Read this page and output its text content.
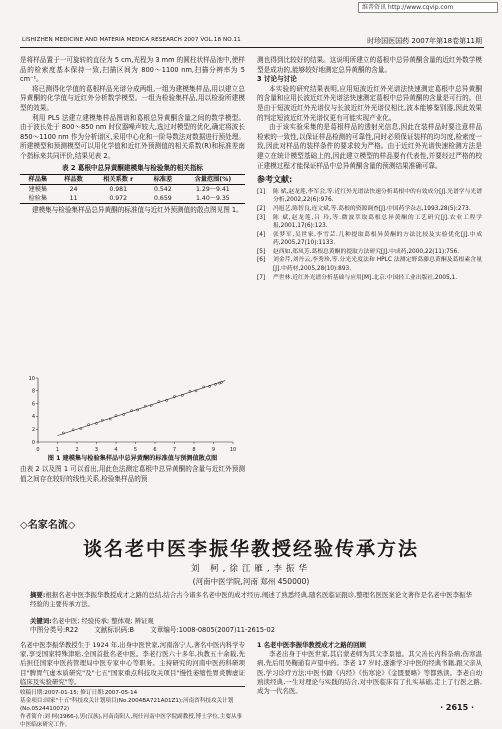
维普资讯 http://www.cqvip.com
LISHIZHEN MEDICINE AND MATERIA MEDICA RESEARCH 2007 VOL.18 NO.11	时珍国医国药 2007年第18卷第11期

是将样品置于一可旋转的直径为 5 cm,光程为 3 mm 的圆柱状样品池中,使样品的检索度基本保持一致,扫描区间为 800～1100 nm,扫描分辨率为 5 cm⁻¹。

将已测得化学值的葛根样品光谱分成两组,一组为建模集样品,用以建立总异黄酮的化学值与近红外分析数学模型。一组为检验集样品,用以检验所建模型的效果。

利用 PLS 法建立建模集样品图谱和葛根总异黄酮含量之间的数学模型。由于波长处于 800～850 nm 时仪器噪声较大,选过对模型的优化,确定将波长 850～1100 nm 作为分析谱区,采用中心化和一阶导数法对数据进行预处理。所建模型和预测模型可以用化学值和近红外预测值的相关系数(R)和标准差南个指标来共同评价,结果见表 2。

表 2 葛根中总异黄酮建模集与检验集的相关指标
样品集	样品数	相关系数 r	标准差	含量范围(%)
建模集	24	0.981	0.542	1.29～9.41
检验集	11	0.972	0.659	1.40～9.35

建模集与检验集样品总异黄酮的标准值与近红外预测值的散点图见图 1。

0	1	2	3	4	5	6	7	8	9	10
0
2
4
6
8
10
图 1 建模集与检验集样品中总异黄酮的标准值与预测值散点图
由表 2 以及图 1 可以看出,用此色法测定葛根中总异黄酮的含量与近红外预测值之间存在较好的线性关系,检验集样品的预

测也得到比较好的结果。这说明所建立的葛根中总异黄酮含量的近红外数学模型是成功的,能够较好地测定总异黄酮的含量。

3 讨论与讨论

本实验的研究结果表明,应用短波近红外光谱法快速测定葛根中总异黄酮的含量和应用长波近红外光谱法快速测定葛根中总异黄酮的含量是可行的。但是由于短波近红外光谱仪与长波近红外光谱仪相比,波本能够鉴别器,因此效果的判定短波近红外光谱仪更有可能实现产业化。

由于该实验采集的是葛根样品的透射光信息,因此在装样品时要注意样品检索的一致性,以保证样品检测的可靠性,同时必须保证装样的均匀度,检索度一致,因此对样品的装样条件的要求较为严格。由于近红外光谱快速检测方法是建立在统计模型基础上的,因此建立模型的样品要有代表性,并要经过严格的校正建模过程才能保证样品中总异黄酮含量的预测结果准确可靠。

参考文献:
[1]	陈 斌,赵龙莲,李军会,等.近红外光谱法快速分析葛根中的有效成分[J].光谱学与光谱分析,2002,22(6):976.
[2]	冯旭艺,陈智良,连文斌,等.葛根的资源调查[J].中国药学杂志,1993,28(5):273.
[3]	陈 斌,赵龙莲,吕 玲,等.微波萃取葛根总异黄酮的工艺研究[J].农业工程学报,2001,17(6):123.
[4]	张梦军,吴世家,李雪芸.几种提取葛根异黄酮的方法比较及实验优化[J].中成药,2005,27(10):1133.
[5]	赵西如,郑凤芳.葛根总黄酮的提取方法研究[J].中成药,2000,22(11):756.
[6]	刘金芹,刘丹云,李秀珍,等.分光光度法和 HPLC 法测定野葛藤总黄酮及葛根素含量[J].中药材,2005,28(10):893.
[7]	严世林.近红外光谱分析基础与应用[M].北京:中国轻工业出版社,2005,1.
◇名家名流◇
谈名老中医李振华教授经验传承方法
刘 柯,徐江雁,李振华
(河南中医学院,河南 郑州 450000)
摘要:根据名老中医李振华教授成才之路的总结,结合古今诸多名老中医的成才经历,阐述了熟悉经典,随名医临证跟诊,整理名医医案论文著作是名老中医李振华经验的主要传承方法。
关键词:名老中医; 经验传承; 整体观; 辨证观
中图分类号:R22 文献标识码:B 文章编号:1008-0805(2007)11-2615-02
名老中医李振华教授生于 1924 年,出身中医世家,河南洛宁人,著名中医内科学专家,享受国家特殊津贴,全国首批名老中医。李老行医六十多年,执教五十余载,先后担任国家中医药管理局中医专家中心等职务。主持研究的河南中医药科研项目"脾胃气虚本质研究"及"七五"国家重点科技攻关项目"慢性萎缩性胃炎脾虚证临床及实验研究"等。

1 名老中医李振华教授成才之路的回顾

李老出身于中医世家,其启蒙老师为其父李景德。其父善长内科杂病,伤寒温病,先后用吴鞠通有声望中药。李老 17 岁时,逐渐学习中医的经典书籍,跟父亲从医,学习诊疗方法;中医书籍《内经》《伤寒论》《金匮要略》等都熟读。李老自幼熟读经典,一生对理论与实践的结合,对中医临床有了扎实基础,走上了行医之路,成为一代名医。

收稿日期:2007-01-15; 修订日期:2007-05-14
基金项目:国家"十五"科技攻关计划项目(No.2004BA721A01Z1);河南省科技攻关计划(No.0524410072)
作者简介:刘 柯(1966-),男(汉族),河南南阳人,现任河南中医学院副教授,博士学位,主要从事中医临床研究工作。
· 2615 ·
